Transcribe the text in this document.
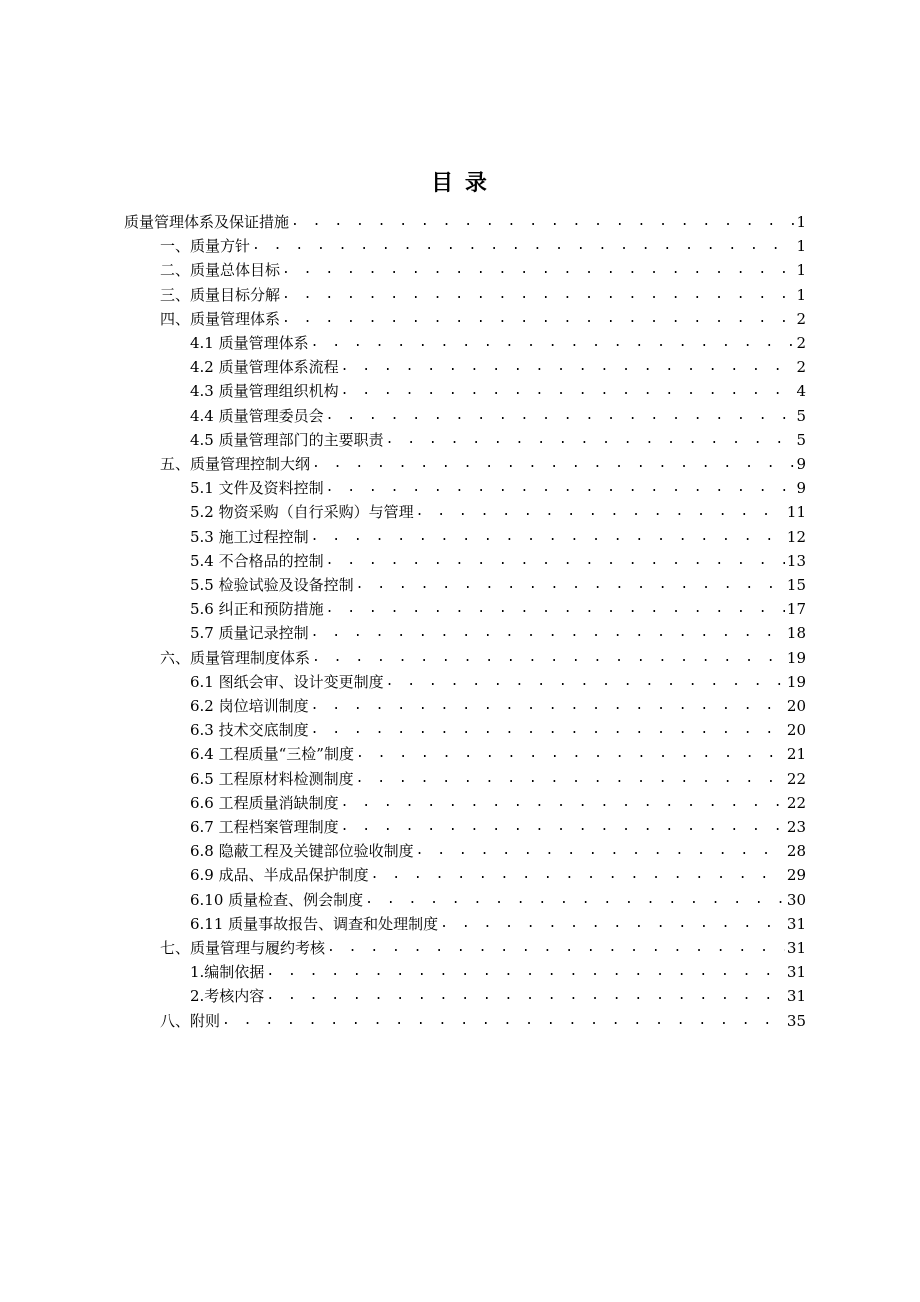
目 录
质量管理体系及保证措施 . . .	1
一、质量方针 . . .	1
二、质量总体目标 . . .	1
三、质量目标分解 . . .	1
四、质量管理体系 . . .	2
4.1 质量管理体系 . . .	2
4.2 质量管理体系流程 . . .	2
4.3 质量管理组织机构 . . .	4
4.4 质量管理委员会 . . .	5
4.5 质量管理部门的主要职责 . . .	5
五、质量管理控制大纲 . . .	9
5.1 文件及资料控制 . . .	9
5.2 物资采购（自行采购）与管理 . . .	11
5.3 施工过程控制 . . .	12
5.4 不合格品的控制 . . .	13
5.5 检验试验及设备控制 . . .	15
5.6 纠正和预防措施 . . .	17
5.7 质量记录控制 . . .	18
六、质量管理制度体系 . . .	19
6.1 图纸会审、设计变更制度 . . .	19
6.2 岗位培训制度 . . .	20
6.3 技术交底制度 . . .	20
6.4 工程质量“三检”制度 . . .	21
6.5 工程原材料检测制度 . . .	22
6.6 工程质量消缺制度 . . .	22
6.7 工程档案管理制度 . . .	23
6.8 隐蔽工程及关键部位验收制度 . . .	28
6.9 成品、半成品保护制度 . . .	29
6.10 质量检查、例会制度 . . .	30
6.11 质量事故报告、调查和处理制度 . . .	31
七、质量管理与履约考核 . . .	31
1.编制依据 . . .	31
2.考核内容 . . .	31
八、附则 . . .	35
